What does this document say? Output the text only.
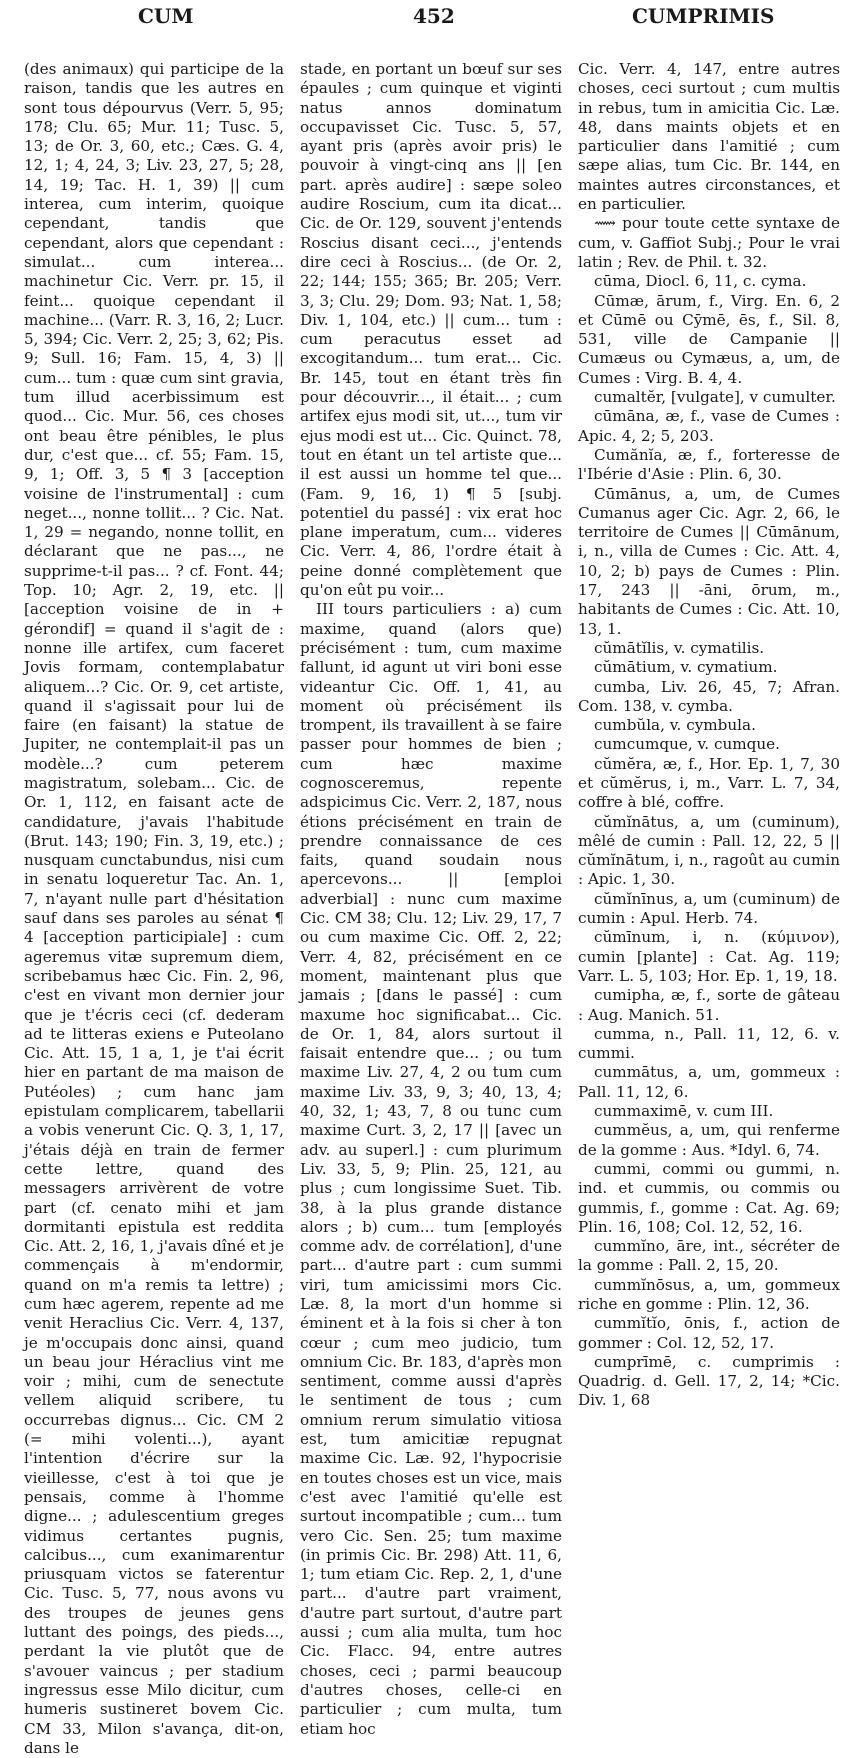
CUM	452	CUMPRIMIS

(des animaux) qui participe de la raison, tandis que les autres en sont tous dépourvus (Verr. 5, 95; 178; Clu. 65; Mur. 11; Tusc. 5, 13; de Or. 3, 60, etc.; Cæs. G. 4, 12, 1; 4, 24, 3; Liv. 23, 27, 5; 28, 14, 19; Tac. H. 1, 39) || cum interea, cum interim, quoique cependant, tandis que cependant, alors que cependant : simulat... cum interea... machinetur Cic. Verr. pr. 15, il feint... quoique cependant il machine... (Varr. R. 3, 16, 2; Lucr. 5, 394; Cic. Verr. 2, 25; 3, 62; Pis. 9; Sull. 16; Fam. 15, 4, 3) || cum... tum : quæ cum sint gravia, tum illud acerbissimum est quod... Cic. Mur. 56, ces choses ont beau être pénibles, le plus dur, c'est que... cf. 55; Fam. 15, 9, 1; Off. 3, 5 ¶ 3 [acception voisine de l'instrumental] : cum neget..., nonne tollit... ? Cic. Nat. 1, 29 = negando, nonne tollit, en déclarant que ne pas..., ne supprime-t-il pas... ? cf. Font. 44; Top. 10; Agr. 2, 19, etc. || [acception voisine de in + gérondif] = quand il s'agit de : nonne ille artifex, cum faceret Jovis formam, contemplabatur aliquem...? Cic. Or. 9, cet artiste, quand il s'agissait pour lui de faire (en faisant) la statue de Jupiter, ne contemplait-il pas un modèle...? cum peterem magistratum, solebam... Cic. de Or. 1, 112, en faisant acte de candidature, j'avais l'habitude (Brut. 143; 190; Fin. 3, 19, etc.) ; nusquam cunctabundus, nisi cum in senatu loqueretur Tac. An. 1, 7, n'ayant nulle part d'hésitation sauf dans ses paroles au sénat ¶ 4 [acception participiale] : cum ageremus vitæ supremum diem, scribebamus hæc Cic. Fin. 2, 96, c'est en vivant mon dernier jour que je t'écris ceci (cf. dederam ad te litteras exiens e Puteolano Cic. Att. 15, 1 a, 1, je t'ai écrit hier en partant de ma maison de Putéoles) ; cum hanc jam epistulam complicarem, tabellarii a vobis venerunt Cic. Q. 3, 1, 17, j'étais déjà en train de fermer cette lettre, quand des messagers arrivèrent de votre part (cf. cenato mihi et jam dormitanti epistula est reddita Cic. Att. 2, 16, 1, j'avais dîné et je commençais à m'endormir, quand on m'a remis ta lettre) ; cum hæc agerem, repente ad me venit Heraclius Cic. Verr. 4, 137, je m'occupais donc ainsi, quand un beau jour Héraclius vint me voir ; mihi, cum de senectute vellem aliquid scribere, tu occurrebas dignus... Cic. CM 2 (= mihi volenti...), ayant l'intention d'écrire sur la vieillesse, c'est à toi que je pensais, comme à l'homme digne... ; adulescentium greges vidimus certantes pugnis, calcibus..., cum exanimarentur priusquam victos se faterentur Cic. Tusc. 5, 77, nous avons vu des troupes de jeunes gens luttant des poings, des pieds..., perdant la vie plutôt que de s'avouer vaincus ; per stadium ingressus esse Milo dicitur, cum humeris sustineret bovem Cic. CM 33, Milon s'avança, dit-on, dans le

stade, en portant un bœuf sur ses épaules ; cum quinque et viginti natus annos dominatum occupavisset Cic. Tusc. 5, 57, ayant pris (après avoir pris) le pouvoir à vingt-cinq ans || [en part. après audire] : sæpe soleo audire Roscium, cum ita dicat... Cic. de Or. 129, souvent j'entends Roscius disant ceci..., j'entends dire ceci à Roscius... (de Or. 2, 22; 144; 155; 365; Br. 205; Verr. 3, 3; Clu. 29; Dom. 93; Nat. 1, 58; Div. 1, 104, etc.) || cum... tum : cum peracutus esset ad excogitandum... tum erat... Cic. Br. 145, tout en étant très fin pour découvrir..., il était... ; cum artifex ejus modi sit, ut..., tum vir ejus modi est ut... Cic. Quinct. 78, tout en étant un tel artiste que... il est aussi un homme tel que... (Fam. 9, 16, 1) ¶ 5 [subj. potentiel du passé] : vix erat hoc plane imperatum, cum... videres Cic. Verr. 4, 86, l'ordre était à peine donné complètement que qu'on eût pu voir...

III tours particuliers : a) cum maxime, quand (alors que) précisément : tum, cum maxime fallunt, id agunt ut viri boni esse videantur Cic. Off. 1, 41, au moment où précisément ils trompent, ils travaillent à se faire passer pour hommes de bien ; cum hæc maxime cognosceremus, repente adspicimus Cic. Verr. 2, 187, nous étions précisément en train de prendre connaissance de ces faits, quand soudain nous apercevons... || [emploi adverbial] : nunc cum maxime Cic. CM 38; Clu. 12; Liv. 29, 17, 7 ou cum maxime Cic. Off. 2, 22; Verr. 4, 82, précisément en ce moment, maintenant plus que jamais ; [dans le passé] : cum maxume hoc significabat... Cic. de Or. 1, 84, alors surtout il faisait entendre que... ; ou tum maxime Liv. 27, 4, 2 ou tum cum maxime Liv. 33, 9, 3; 40, 13, 4; 40, 32, 1; 43, 7, 8 ou tunc cum maxime Curt. 3, 2, 17 || [avec un adv. au superl.] : cum plurimum Liv. 33, 5, 9; Plin. 25, 121, au plus ; cum longissime Suet. Tib. 38, à la plus grande distance alors ; b) cum... tum [employés comme adv. de corrélation], d'une part... d'autre part : cum summi viri, tum amicissimi mors Cic. Læ. 8, la mort d'un homme si éminent et à la fois si cher à ton cœur ; cum meo judicio, tum omnium Cic. Br. 183, d'après mon sentiment, comme aussi d'après le sentiment de tous ; cum omnium rerum simulatio vitiosa est, tum amicitiæ repugnat maxime Cic. Læ. 92, l'hypocrisie en toutes choses est un vice, mais c'est avec l'amitié qu'elle est surtout incompatible ; cum... tum vero Cic. Sen. 25; tum maxime (in primis Cic. Br. 298) Att. 11, 6, 1; tum etiam Cic. Rep. 2, 1, d'une part... d'autre part vraiment, d'autre part surtout, d'autre part aussi ; cum alia multa, tum hoc Cic. Flacc. 94, entre autres choses, ceci ; parmi beaucoup d'autres choses, celle-ci en particulier ; cum multa, tum etiam hoc

Cic. Verr. 4, 147, entre autres choses, ceci surtout ; cum multis in rebus, tum in amicitia Cic. Læ. 48, dans maints objets et en particulier dans l'amitié ; cum sæpe alias, tum Cic. Br. 144, en maintes autres circonstances, et en particulier.

⟿ pour toute cette syntaxe de cum, v. Gaffiot Subj.; Pour le vrai latin ; Rev. de Phil. t. 32.

cūma, Diocl. 6, 11, c. cyma.

Cūmæ, ārum, f., Virg. En. 6, 2 et Cūmē ou Cȳmē, ēs, f., Sil. 8, 531, ville de Campanie || Cumæus ou Cymæus, a, um, de Cumes : Virg. B. 4, 4.

cumaltĕr, [vulgate], v cumulter.

cūmāna, æ, f., vase de Cumes : Apic. 4, 2; 5, 203.

Cumănĭa, æ, f., forteresse de l'Ibérie d'Asie : Plin. 6, 30.

Cūmānus, a, um, de Cumes Cumanus ager Cic. Agr. 2, 66, le territoire de Cumes || Cūmānum, i, n., villa de Cumes : Cic. Att. 4, 10, 2; b) pays de Cumes : Plin. 17, 243 || -āni, ōrum, m., habitants de Cumes : Cic. Att. 10, 13, 1.

cŭmātĭlis, v. cymatilis.

cŭmātium, v. cymatium.

cumba, Liv. 26, 45, 7; Afran. Com. 138, v. cymba.

cumbŭla, v. cymbula.

cumcumque, v. cumque.

cŭmĕra, æ, f., Hor. Ep. 1, 7, 30 et cŭmĕrus, i, m., Varr. L. 7, 34, coffre à blé, coffre.

cŭmĭnātus, a, um (cuminum), mêlé de cumin : Pall. 12, 22, 5 || cŭmĭnātum, i, n., ragoût au cumin : Apic. 1, 30.

cŭmĭnīnus, a, um (cuminum) de cumin : Apul. Herb. 74.

cŭmīnum, i, n. (κύμινον), cumin [plante] : Cat. Ag. 119; Varr. L. 5, 103; Hor. Ep. 1, 19, 18.

cumipha, æ, f., sorte de gâteau : Aug. Manich. 51.

cumma, n., Pall. 11, 12, 6. v. cummi.

cummātus, a, um, gommeux : Pall. 11, 12, 6.

cummaximē, v. cum III.

cummĕus, a, um, qui renferme de la gomme : Aus. *Idyl. 6, 74.

cummi, commi ou gummi, n. ind. et cummis, ou commis ou gummis, f., gomme : Cat. Ag. 69; Plin. 16, 108; Col. 12, 52, 16.

cummĭno, āre, int., sécréter de la gomme : Pall. 2, 15, 20.

cummĭnōsus, a, um, gommeux riche en gomme : Plin. 12, 36.

cummĭtĭo, ōnis, f., action de gommer : Col. 12, 52, 17.

cumprīmē, c. cumprimis : Quadrig. d. Gell. 17, 2, 14; *Cic. Div. 1, 68
